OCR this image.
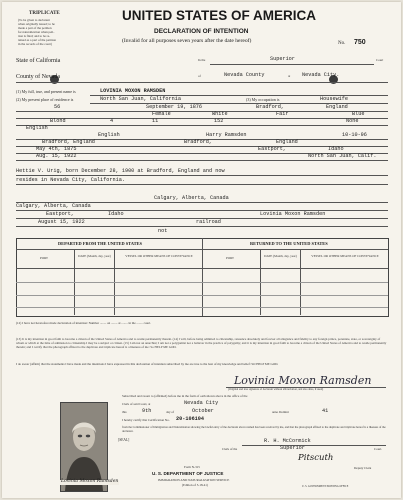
TRIPLICATE
(To be given to declarant
when originally issued; to be
made a part of the petition
for naturalization when peti-
tion is filed; and to be re-
tained as a part of the petition
in the records of the court)
UNITED STATES OF AMERICA
DECLARATION OF INTENTION
(Invalid for all purposes seven years after the date hereof)	No. 750
State of California	In the	Superior	Court
County of Nevada	of	Nevada County	at Nevada City.
(1) My full, true, and present name is	LOVINIA MOXON RAMSDEN
(2) My present place of residence is	North San Juan, California	(3) My occupation is	Housewife
56	September 19, 1876	Bradford,	England
Female	White	Fair	Blue
Blond	4	11	152	None
English
English	Harry Ramsden	10-10-96
Bradford, England	Bradford,	England
May 4th, 1875	Eastport,	Idaho
Aug. 15, 1922	North San Juan, Calif.
Hettie V. Urig, born December 28, 1900 at Bradford, England and now
resides in Nevada City, California.
Calgary, Alberta, Canada
Calgary, Alberta, Canada
Lovinia Moxon Ramsden
Eastport,	Idaho
August 15, 1922	railroad
not
DEPARTED FROM THE UNITED STATES	RETURNED TO THE UNITED STATES
PORT	DATE (Month, day, year)	VESSEL OR OTHER MEANS OF CONVEYANCE	PORT	DATE (Month, day, year)	VESSEL OR OTHER MEANS OF CONVEYANCE
(12) I have not heretofore made declaration of intention: Number ........ on ........ at ........ in the ........ court.
(13) It is my intention in good faith to become a citizen of the United States of America and to reside permanently therein. (14) I will, before being admitted to citizenship, renounce absolutely and forever all allegiance and fidelity to any foreign prince, potentate, state, or sovereignty of whom or which at the time of admission to citizenship I may be a subject or citizen. (15) I am not an anarchist; I am not a polygamist nor a believer in the practice of polygamy; and it is my intention in good faith to become a citizen of the United States of America and to reside permanently therein; and I certify that the photograph affixed to the duplicate and triplicate hereof is a likeness of me: So HELP ME GOD.
I do swear (affirm) that the statements I have made and the intentions I have expressed in this declaration of intention subscribed by me are true to the best of my knowledge and belief: SO HELP ME GOD.
Lovinia Moxon Ramsden
(Original and true signature of declarant without abbreviation, and also alias, if used)
Subscribed and sworn to (affirmed) before me in the form of oath shown above in the office of the
Clerk of said Court, at	Nevada City
this	9th	day of	October	anno Domini	41
I hereby certify that Certification No. 20-106104
from the Commissioner of Immigration and Naturalization showing the lawful entry of the declarant above named has been received by me, and that the photograph affixed to the duplicate and triplicate hereof is a likeness of the declarant.
R. H. McCormick
Clerk of the	Superior	Court.
Pitscuth
Deputy Clerk
Lovinia Moxon Ramsden
[SEAL]
Form N-315
U. S. DEPARTMENT OF JUSTICE
IMMIGRATION AND NATURALIZATION SERVICE
(Edition of 5-18-41)	U. S. GOVERNMENT PRINTING OFFICE
